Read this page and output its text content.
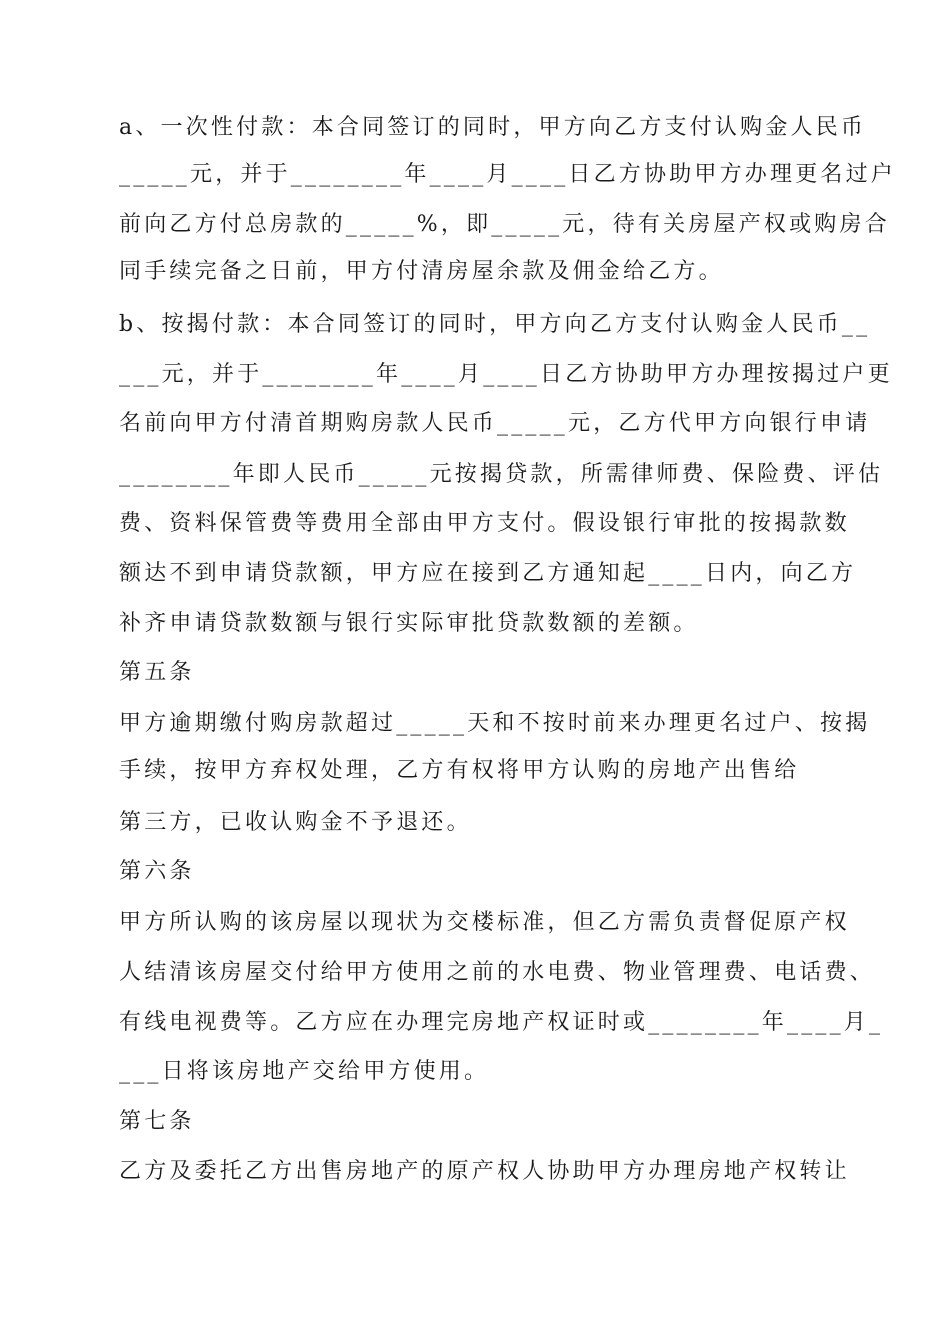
a、一次性付款：本合同签订的同时，甲方向乙方支付认购金人民币
_____元，并于________年____月____日乙方协助甲方办理更名过户
前向乙方付总房款的_____%，即_____元，待有关房屋产权或购房合
同手续完备之日前，甲方付清房屋余款及佣金给乙方。
b、按揭付款：本合同签订的同时，甲方向乙方支付认购金人民币__
___元，并于________年____月____日乙方协助甲方办理按揭过户更
名前向甲方付清首期购房款人民币_____元，乙方代甲方向银行申请
________年即人民币_____元按揭贷款，所需律师费、保险费、评估
费、资料保管费等费用全部由甲方支付。假设银行审批的按揭款数
额达不到申请贷款额，甲方应在接到乙方通知起____日内，向乙方
补齐申请贷款数额与银行实际审批贷款数额的差额。
第五条
甲方逾期缴付购房款超过_____天和不按时前来办理更名过户、按揭
手续，按甲方弃权处理，乙方有权将甲方认购的房地产出售给
第三方，已收认购金不予退还。
第六条
甲方所认购的该房屋以现状为交楼标准，但乙方需负责督促原产权
人结清该房屋交付给甲方使用之前的水电费、物业管理费、电话费、
有线电视费等。乙方应在办理完房地产权证时或________年____月_
___日将该房地产交给甲方使用。
第七条
乙方及委托乙方出售房地产的原产权人协助甲方办理房地产权转让
